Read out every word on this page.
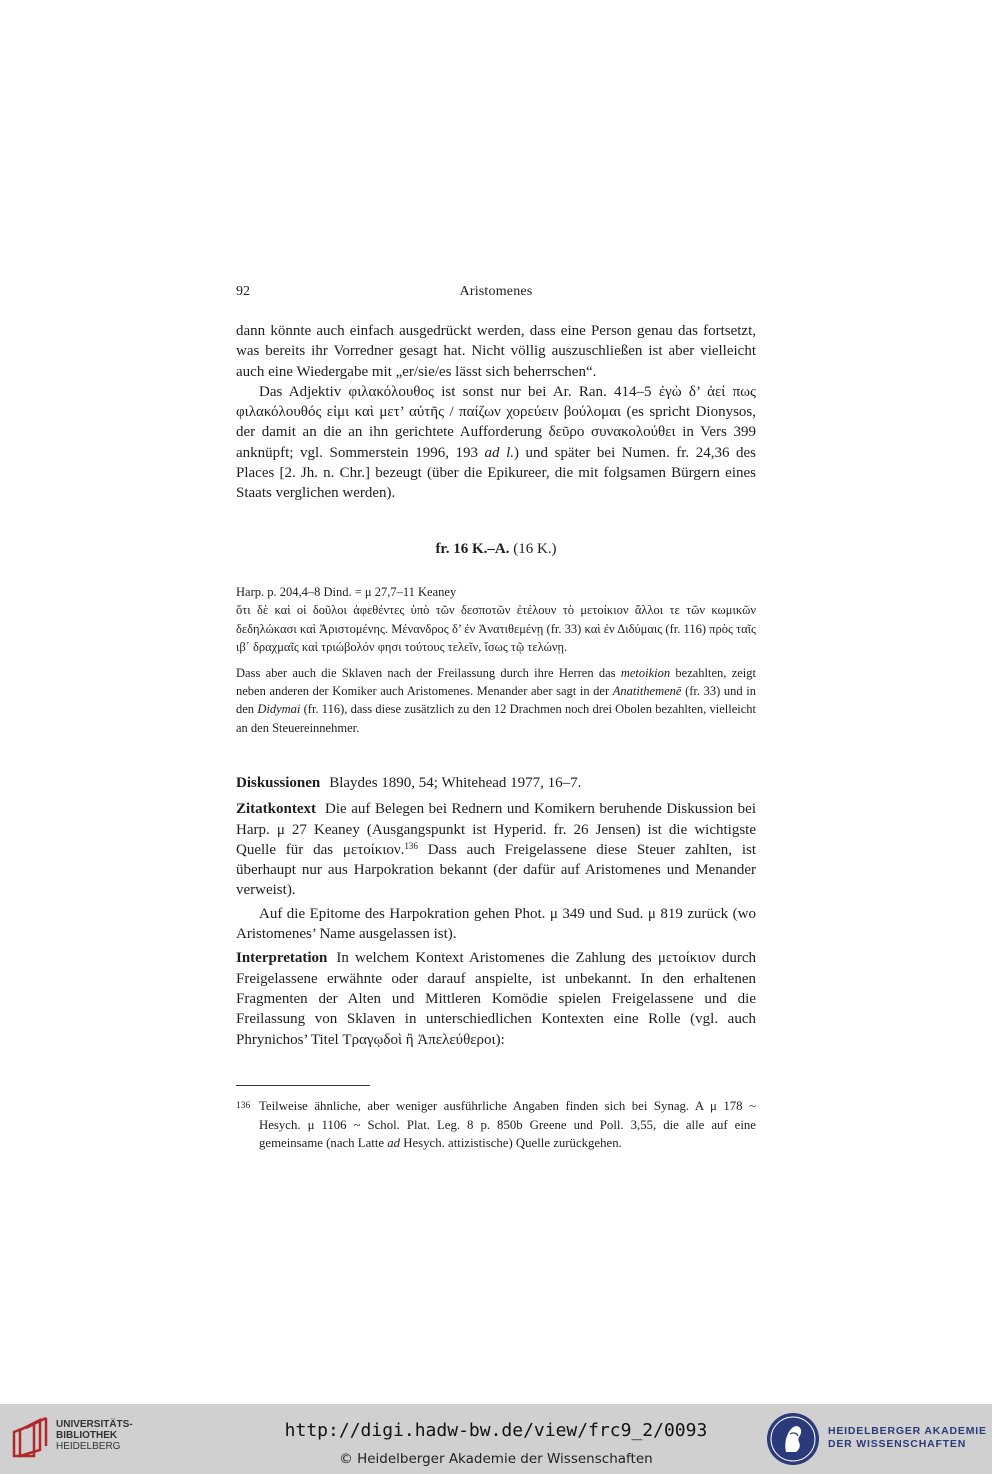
92	Aristomenes

dann könnte auch einfach ausgedrückt werden, dass eine Person genau das fortsetzt, was bereits ihr Vorredner gesagt hat. Nicht völlig auszuschließen ist aber vielleicht auch eine Wiedergabe mit „er/sie/es lässt sich beherrschen“.

Das Adjektiv φιλακόλουθος ist sonst nur bei Ar. Ran. 414–5 ἐγὼ δ’ ἀεί πως φιλακόλουθός εἰμι καὶ μετ’ αὐτῆς / παίζων χορεύειν βούλομαι (es spricht Dionysos, der damit an die an ihn gerichtete Aufforderung δεῦρο συνακολούθει in Vers 399 anknüpft; vgl. Sommerstein 1996, 193 ad l.) und später bei Numen. fr. 24,36 des Places [2. Jh. n. Chr.] bezeugt (über die Epikureer, die mit folgsamen Bürgern eines Staats verglichen werden).

fr. 16 K.–A. (16 K.)

Harp. p. 204,4–8 Dind. = μ 27,7–11 Keaney

ὅτι δὲ καὶ οἱ δοῦλοι ἀφεθέντες ὑπὸ τῶν δεσποτῶν ἐτέλουν τὸ μετοίκιον ἄλλοι τε τῶν κωμικῶν δεδηλώκασι καὶ Ἀριστομένης. Μένανδρος δ’ ἐν Ἀνατιθεμένῃ (fr. 33) καὶ ἐν Διδύμαις (fr. 116) πρὸς ταῖς ιβ΄ δραχμαῖς καὶ τριώβολόν φησι τούτους τελεῖν, ἴσως τῷ τελώνῃ.

Dass aber auch die Sklaven nach der Freilassung durch ihre Herren das metoikion bezahlten, zeigt neben anderen der Komiker auch Aristomenes. Menander aber sagt in der Anatithemenē (fr. 33) und in den Didymai (fr. 116), dass diese zusätzlich zu den 12 Drachmen noch drei Obolen bezahlten, vielleicht an den Steuereinnehmer.

Diskussionen Blaydes 1890, 54; Whitehead 1977, 16–7.

Zitatkontext Die auf Belegen bei Rednern und Komikern beruhende Diskussion bei Harp. μ 27 Keaney (Ausgangspunkt ist Hyperid. fr. 26 Jensen) ist die wichtigste Quelle für das μετοίκιον.$^{136}$ Dass auch Freigelassene diese Steuer zahlten, ist überhaupt nur aus Harpokration bekannt (der dafür auf Aristomenes und Menander verweist).

Auf die Epitome des Harpokration gehen Phot. μ 349 und Sud. μ 819 zurück (wo Aristomenes’ Name ausgelassen ist).

Interpretation In welchem Kontext Aristomenes die Zahlung des μετοίκιον durch Freigelassene erwähnte oder darauf anspielte, ist unbekannt. In den erhaltenen Fragmenten der Alten und Mittleren Komödie spielen Freigelassene und die Freilassung von Sklaven in unterschiedlichen Kontexten eine Rolle (vgl. auch Phrynichos’ Titel Τραγῳδοὶ ἢ Ἀπελεύθεροι):

136 Teilweise ähnliche, aber weniger ausführliche Angaben finden sich bei Synag. A μ 178 ~ Hesych. μ 1106 ~ Schol. Plat. Leg. 8 p. 850b Greene und Poll. 3,55, die alle auf eine gemeinsame (nach Latte ad Hesych. attizistische) Quelle zurückgehen.
UNIVERSITÄTS-
BIBLIOTHEK
HEIDELBERG
http://digi.hadw-bw.de/view/frc9_2/0093
© Heidelberger Akademie der Wissenschaften
HEIDELBERGER AKADEMIE
DER WISSENSCHAFTEN
